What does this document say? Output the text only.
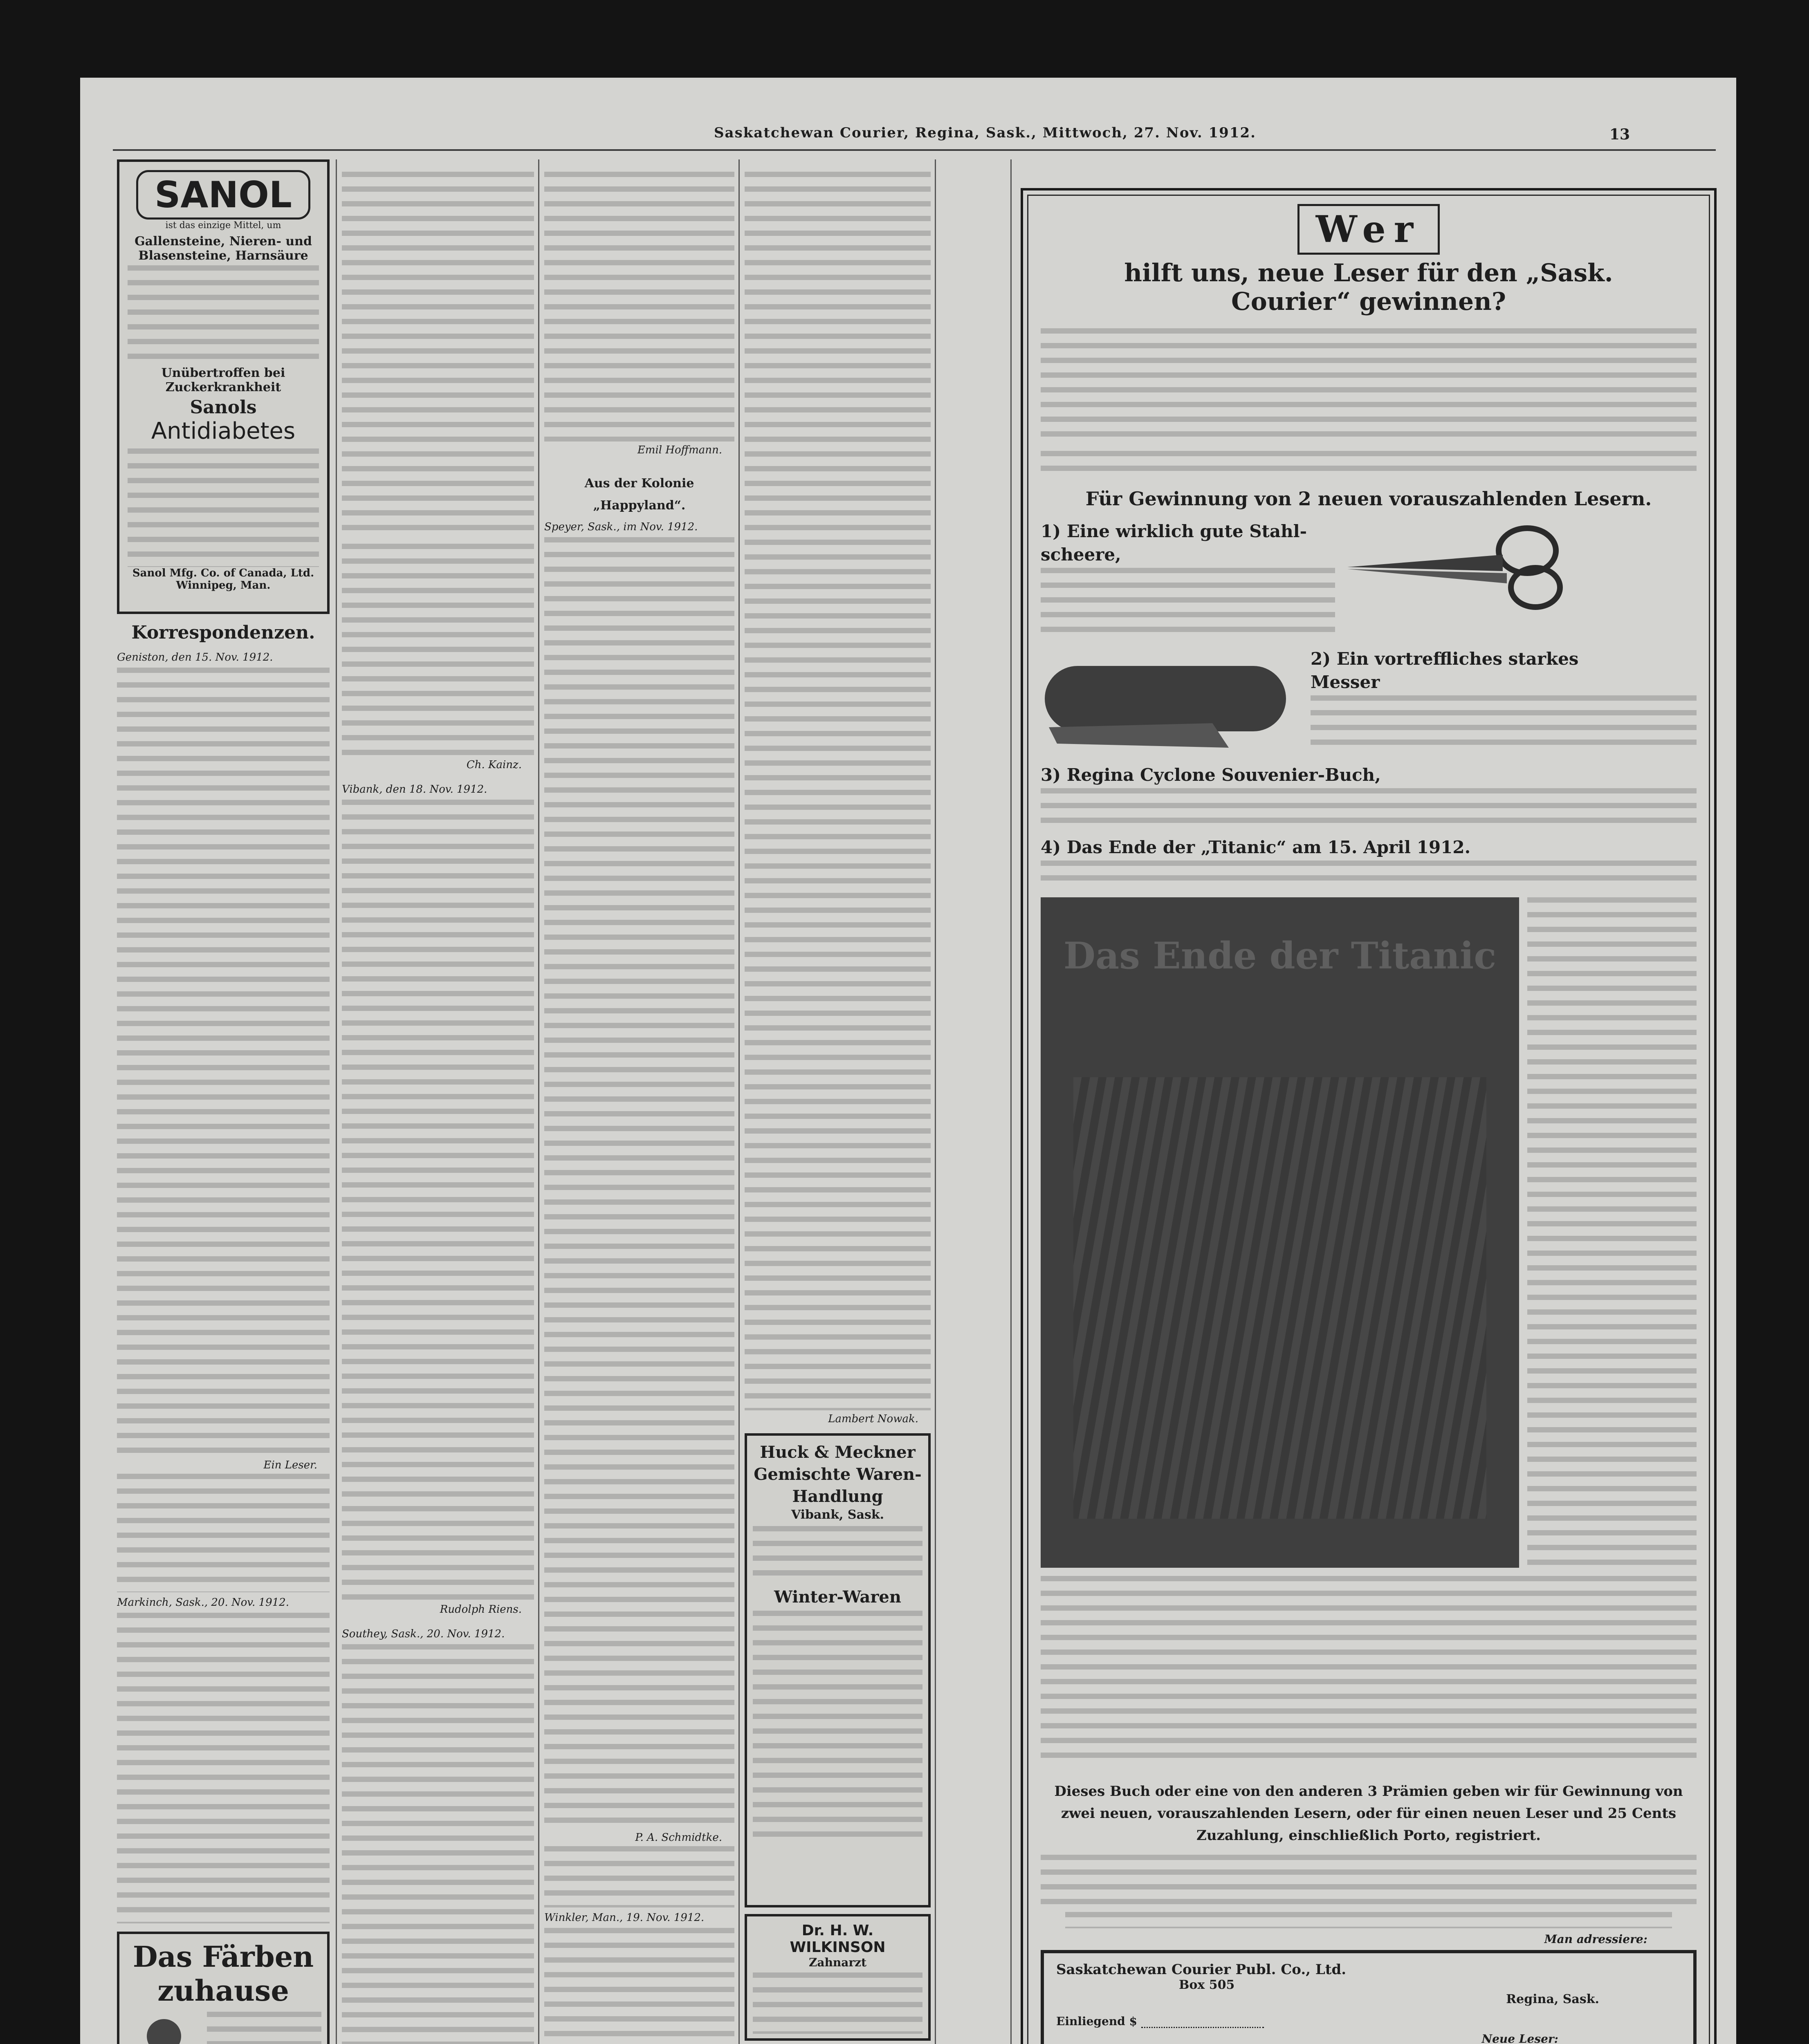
Saskatchewan Courier, Regina, Sask., Mittwoch, 27. Nov. 1912.	13
SANOL
ist das einzige Mittel, um
Gallensteine, Nieren- und Blasensteine, Harnsäure
Unübertroffen bei Zuckerkrankheit
Sanols
Antidiabetes
Sanol Mfg. Co. of Canada, Ltd. Winnipeg, Man.
Korrespondenzen.
Geniston, den 15. Nov. 1912.
Ein Leser.
Markinch, Sask., 20. Nov. 1912.
Das Färben
zuhause
Ch. Kainz.
Vibank, den 18. Nov. 1912.
Rudolph Riens.
Southey, Sask., 20. Nov. 1912.
Emil Hoffmann.
Aus der Kolonie „Happyland“.
Speyer, Sask., im Nov. 1912.
P. A. Schmidtke.
Winkler, Man., 19. Nov. 1912.
Lambert Nowak.
Huck & Meckner
Gemischte Waren-
Handlung
Vibank, Sask.
Winter-Waren
Dr. H. W. WILKINSON
Zahnarzt
Wer
hilft uns, neue Leser für den „Sask.
Courier“ gewinnen?
Für Gewinnung von 2 neuen vorauszahlenden Lesern.
1) Eine wirklich gute Stahl-
scheere,
2) Ein vortreffliches starkes
Messer
3) Regina Cyclone Souvenier-Buch,
4) Das Ende der „Titanic“ am 15. April 1912.
Das Ende der Titanic
Dieses Buch oder eine von den anderen 3 Prämien geben wir für Gewinnung von zwei neuen, vorauszahlenden Lesern, oder für einen neuen Leser und 25 Cents Zuzahlung, einschließlich Porto, registriert.
Man adressiere:
Saskatchewan Courier Publ. Co., Ltd.
Box 505
Regina, Sask.
Einliegend $
Neue Leser:
